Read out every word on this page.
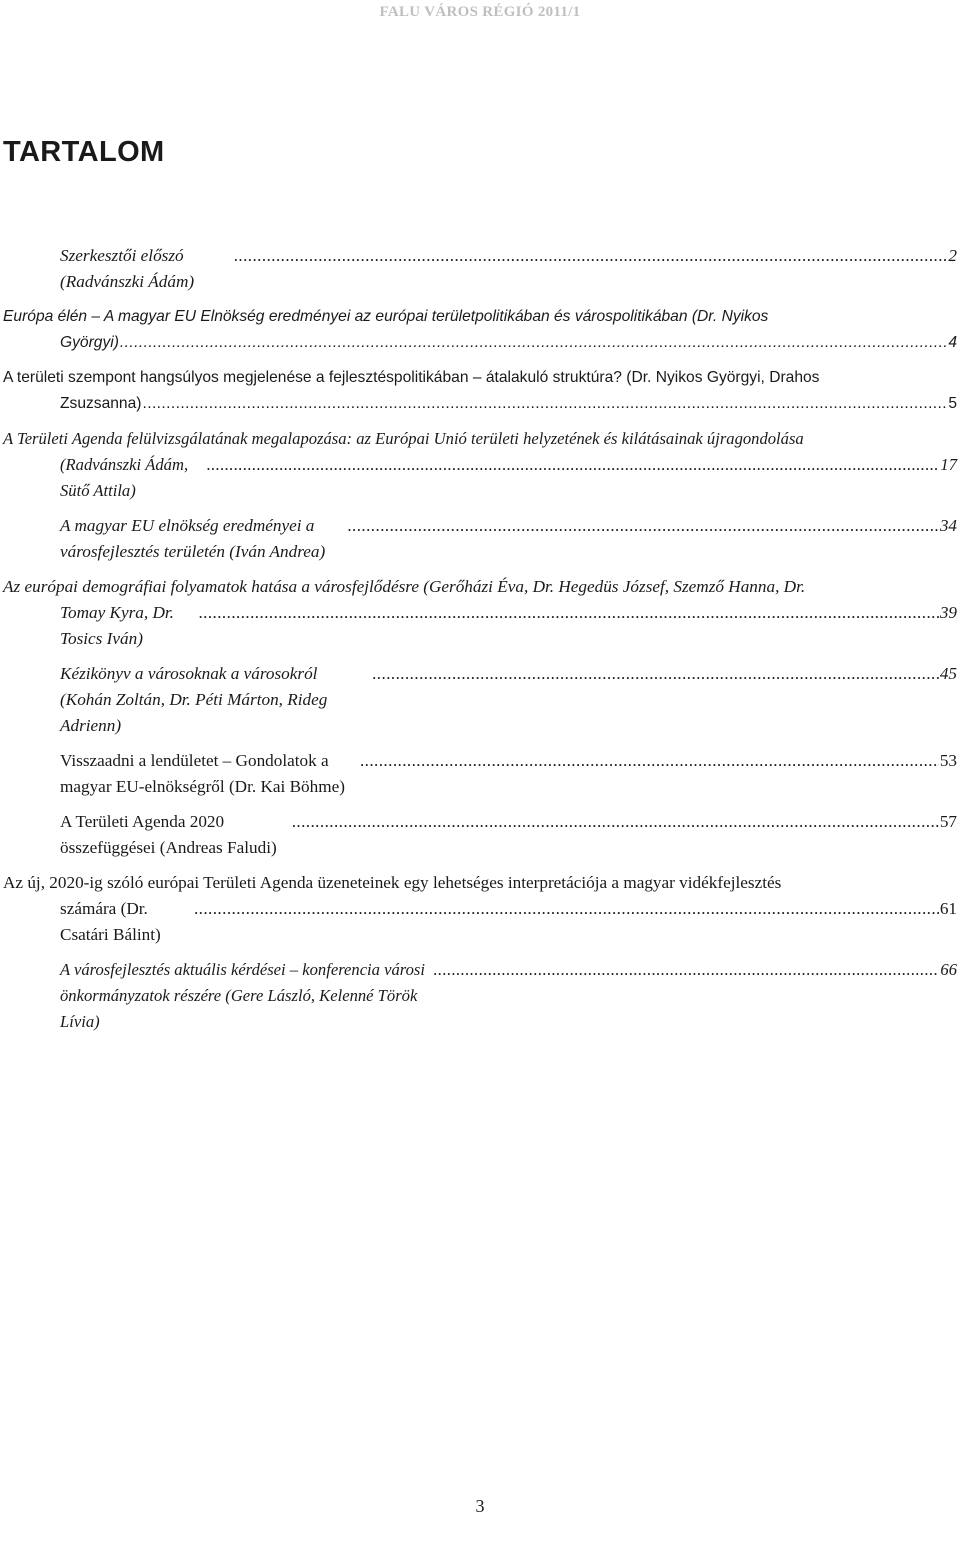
FALU VÁROS RÉGIÓ 2011/1
TARTALOM
Szerkesztői előszó (Radvánszki Ádám)
.....
2
Európa élén – A magyar EU Elnökség eredményei az európai területpolitikában és várospolitikában (Dr. Nyikos
Györgyi) .....	4
A területi szempont hangsúlyos megjelenése a fejlesztéspolitikában – átalakuló struktúra? (Dr. Nyikos Györgyi, Drahos
Zsuzsanna) .....	5
A Területi Agenda felülvizsgálatának megalapozása: az Európai Unió területi helyzetének és kilátásainak újragondolása
(Radvánszki Ádám, Sütő Attila)
.....
17
A magyar EU elnökség eredményei a városfejlesztés területén (Iván Andrea)
.....
34
Az európai demográfiai folyamatok hatása a városfejlődésre (Gerőházi Éva, Dr. Hegedüs József, Szemző Hanna, Dr.
Tomay Kyra, Dr. Tosics Iván)
.....
39
Kézikönyv a városoknak a városokról (Kohán Zoltán, Dr. Péti Márton, Rideg Adrienn)
.....
45
Visszaadni a lendületet – Gondolatok a magyar EU-elnökségről (Dr. Kai Böhme)
.....
53
A Területi Agenda 2020 összefüggései (Andreas Faludi)
.....
57
Az új, 2020-ig szóló európai Területi Agenda üzeneteinek egy lehetséges interpretációja a magyar vidékfejlesztés
számára (Dr. Csatári Bálint)
.....
61
A városfejlesztés aktuális kérdései – konferencia városi önkormányzatok részére (Gere László, Kelenné Török Lívia)
.....
66
3
